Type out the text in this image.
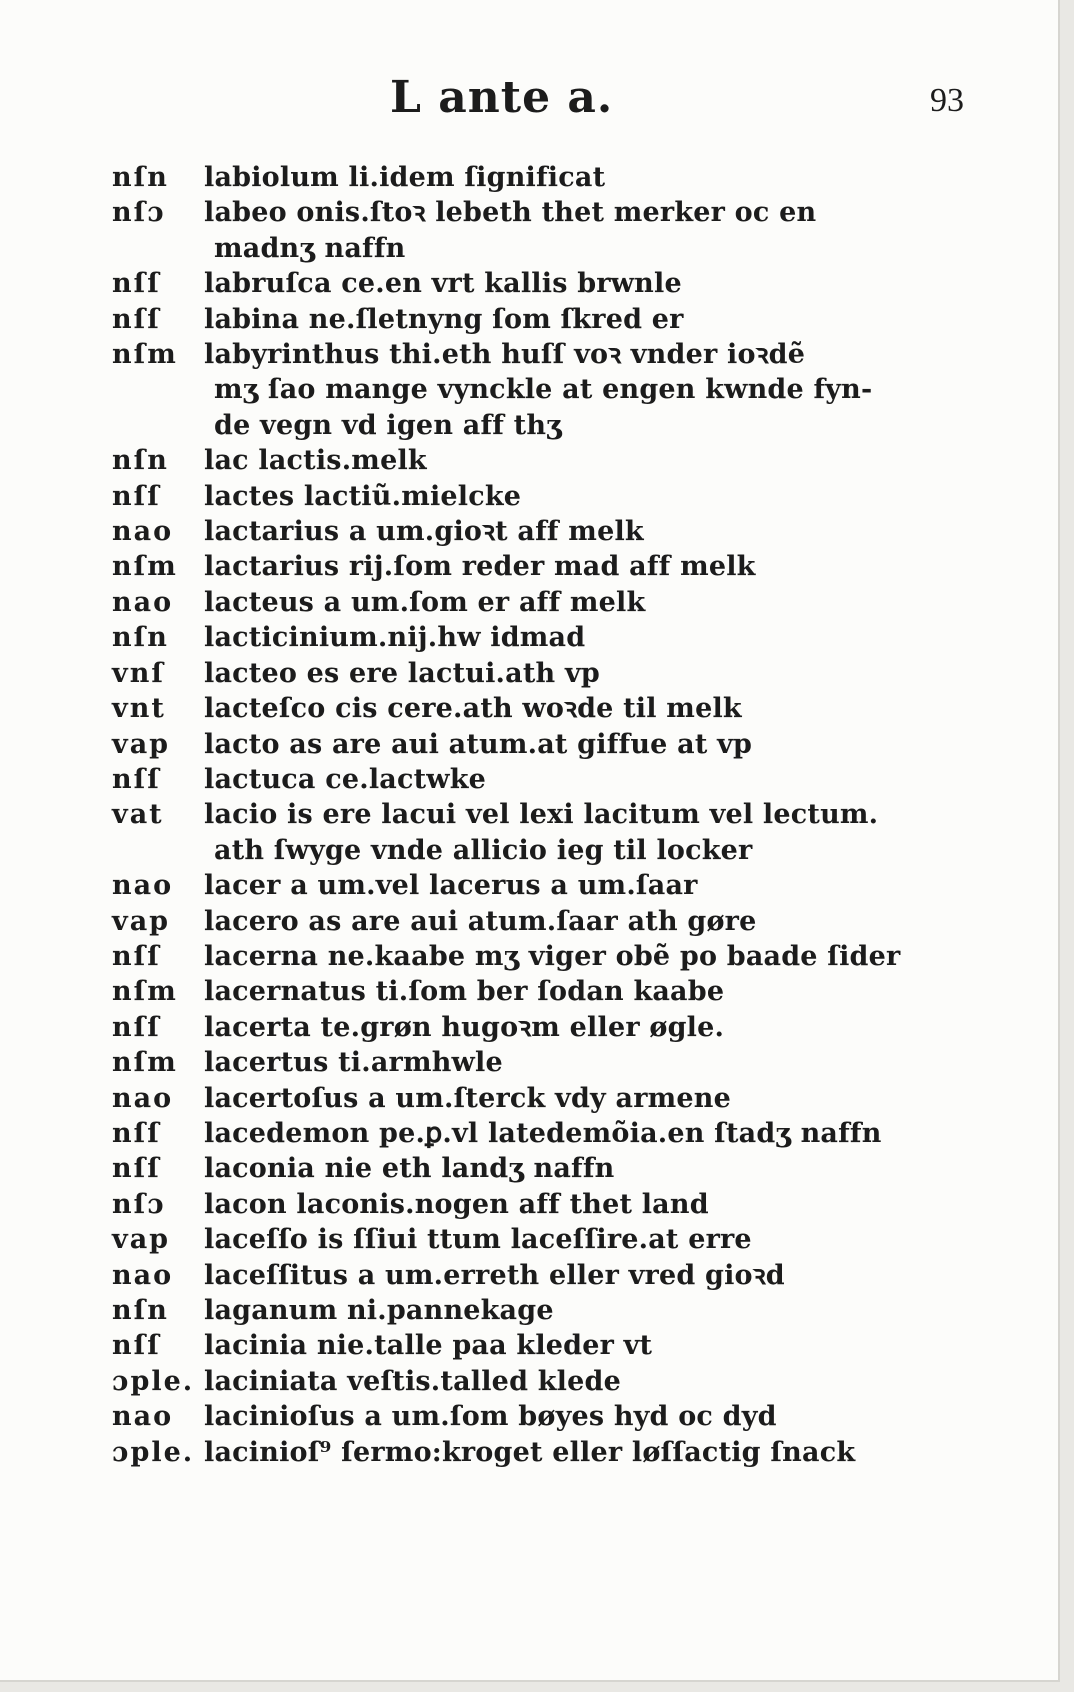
L ante a.	93
nſn	labiolum li.idem ſignificat
nſɔ	labeo onis.ſtoꝛ lebeth thet merker oc en
madnʒ naffn
nſſ	labruſca ce.en vrt kallis brwnle
nſſ	labina ne.ſletnyng ſom ſkred er
nſm labyrinthus thi.eth huſſ voꝛ vnder ioꝛdẽ
mʒ ſao mange vynckle at engen kwnde fyn-
de vegn vd igen aff thʒ
nſn	lac lactis.melk
nſſ	lactes lactiũ.mielcke
nao	lactarius a um.gioꝛt aff melk
nſm lactarius rij.ſom reder mad aff melk
nao	lacteus a um.ſom er aff melk
nſn	lacticinium.nij.hw idmad
vnſ	lacteo es ere lactui.ath vp
vnt	lacteſco cis cere.ath woꝛde til melk
vap	lacto as are aui atum.at giffue at vp
nſſ	lactuca ce.lactwke
vat	lacio is ere lacui vel lexi lacitum vel lectum.
ath ſwyge vnde allicio ieg til locker
nao	lacer a um.vel lacerus a um.ſaar
vap	lacero as are aui atum.ſaar ath gøre
nſſ	lacerna ne.kaabe mʒ viger obẽ po baade ſider
nſm lacernatus ti.ſom ber ſodan kaabe
nſſ	lacerta te.grøn hugoꝛm eller øgle.
nſm lacertus ti.armhwle
nao	lacertoſus a um.ſterck vdy armene
nſſ	lacedemon pe.ꝑ.vl latedemõia.en ſtadʒ naffn
nſſ	laconia nie eth landʒ naffn
nſɔ	lacon laconis.nogen aff thet land
vap	laceſſo is ſſiui ttum laceſſire.at erre
nao	laceſſitus a um.erreth eller vred gioꝛd
nſn	laganum ni.pannekage
nſſ	lacinia nie.talle paa kleder vt
ɔple. laciniata veſtis.talled klede
nao	lacinioſus a um.ſom bøyes hyd oc dyd
ɔple. lacinioſ⁹ ſermo:kroget eller løſſactig ſnack
